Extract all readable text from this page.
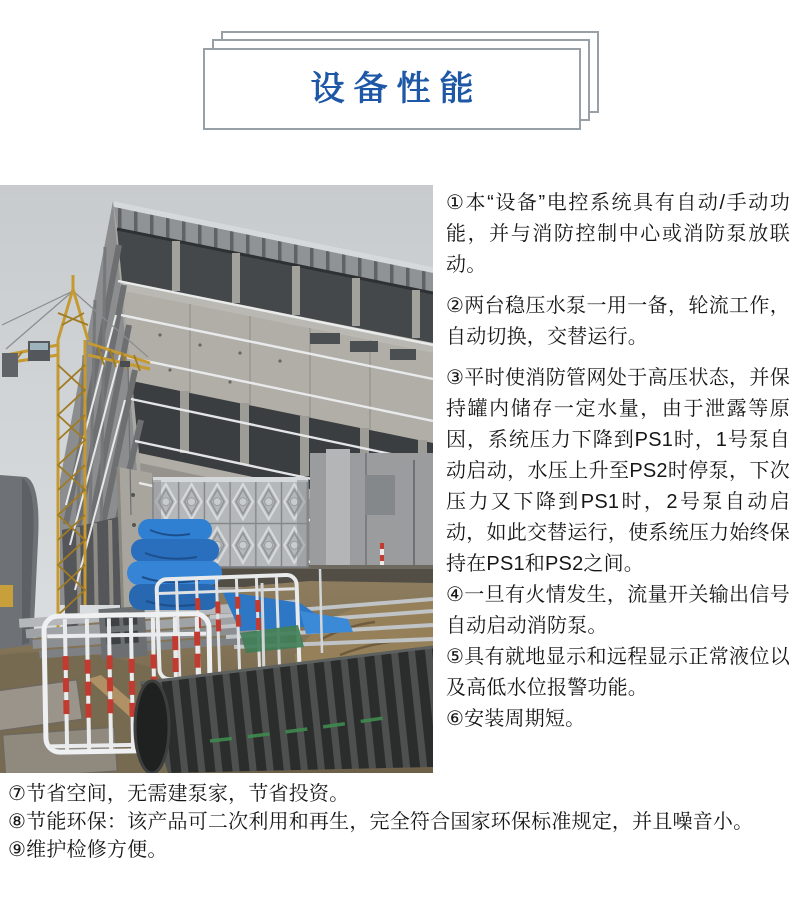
设备性能

①本“设备”电控系统具有自动/手动功能，并与消防控制中心或消防泵放联动。

②两台稳压水泵一用一备，轮流工作，自动切换，交替运行。

③平时使消防管网处于高压状态，并保持罐内储存一定水量，由于泄露等原因，系统压力下降到PS1时，1号泵自动启动，水压上升至PS2时停泵，下次压力又下降到PS1时，2号泵自动启动，如此交替运行，使系统压力始终保持在PS1和PS2之间。

④一旦有火情发生，流量开关输出信号自动启动消防泵。

⑤具有就地显示和远程显示正常液位以及高低水位报警功能。

⑥安装周期短。

⑦节省空间，无需建泵家，节省投资。

⑧节能环保：该产品可二次利用和再生，完全符合国家环保标准规定，并且噪音小。

⑨维护检修方便。
